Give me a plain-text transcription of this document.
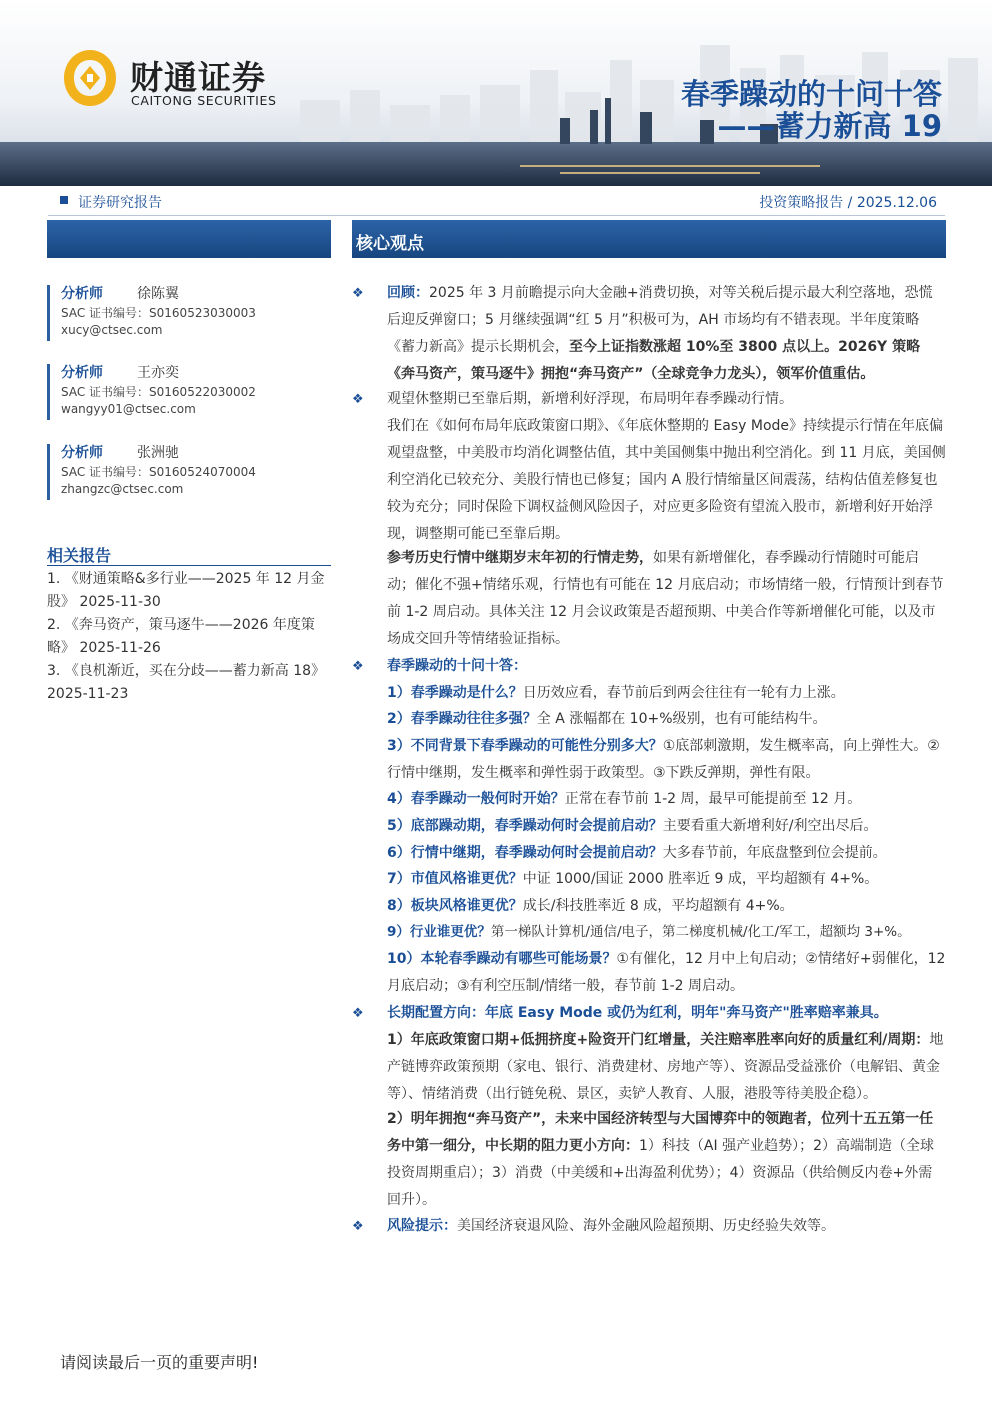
财通证券
CAITONG SECURITIES	春季躁动的十问十答
——蓄力新高 19
证券研究报告	投资策略报告 / 2025.12.06
分析师 徐陈翼
SAC 证书编号：S0160523030003
xucy@ctsec.com
分析师 王亦奕
SAC 证书编号：S0160522030002
wangyy01@ctsec.com
分析师 张洲驰
SAC 证书编号：S0160524070004
zhangzc@ctsec.com
相关报告
1. 《财通策略&多行业——2025 年 12 月金股》 2025-11-30
2. 《奔马资产，策马逐牛——2026 年度策略》 2025-11-26
3. 《良机渐近，买在分歧——蓄力新高 18》2025-11-23
核心观点
❖ 回顾：2025 年 3 月前瞻提示向大金融+消费切换，对等关税后提示最大利空落地，恐慌后迎反弹窗口；5 月继续强调“红 5 月”积极可为，AH 市场均有不错表现。半年度策略《蓄力新高》提示长期机会，至今上证指数涨超 10%至 3800 点以上。2026Y 策略《奔马资产，策马逐牛》拥抱“奔马资产”（全球竞争力龙头），领军价值重估。
❖ 观望休整期已至靠后期，新增利好浮现，布局明年春季躁动行情。
我们在《如何布局年底政策窗口期》、《年底休整期的 Easy Mode》持续提示行情在年底偏观望盘整，中美股市均消化调整估值，其中美国侧集中抛出利空消化。到 11 月底，美国侧利空消化已较充分、美股行情也已修复；国内 A 股行情缩量区间震荡，结构估值差修复也较为充分；同时保险下调权益侧风险因子，对应更多险资有望流入股市，新增利好开始浮现，调整期可能已至靠后期。
参考历史行情中继期岁末年初的行情走势，如果有新增催化，春季躁动行情随时可能启动；催化不强+情绪乐观，行情也有可能在 12 月底启动；市场情绪一般，行情预计到春节前 1-2 周启动。具体关注 12 月会议政策是否超预期、中美合作等新增催化可能，以及市场成交回升等情绪验证指标。
❖ 春季躁动的十问十答：
1）春季躁动是什么？日历效应看，春节前后到两会往往有一轮有力上涨。
2）春季躁动往往多强？全 A 涨幅都在 10+%级别，也有可能结构牛。
3）不同背景下春季躁动的可能性分别多大？①底部刺激期，发生概率高，向上弹性大。②行情中继期，发生概率和弹性弱于政策型。③下跌反弹期，弹性有限。
4）春季躁动一般何时开始？正常在春节前 1-2 周，最早可能提前至 12 月。
5）底部躁动期，春季躁动何时会提前启动？主要看重大新增利好/利空出尽后。
6）行情中继期，春季躁动何时会提前启动？大多春节前，年底盘整到位会提前。
7）市值风格谁更优？中证 1000/国证 2000 胜率近 9 成，平均超额有 4+%。
8）板块风格谁更优？成长/科技胜率近 8 成，平均超额有 4+%。
9）行业谁更优？第一梯队计算机/通信/电子，第二梯度机械/化工/军工，超额均 3+%。
10）本轮春季躁动有哪些可能场景？①有催化，12 月中上旬启动；②情绪好+弱催化，12 月底启动；③有利空压制/情绪一般，春节前 1-2 周启动。
❖ 长期配置方向：年底 Easy Mode 或仍为红利，明年"奔马资产"胜率赔率兼具。
1）年底政策窗口期+低拥挤度+险资开门红增量，关注赔率胜率向好的质量红利/周期：地产链博弈政策预期（家电、银行、消费建材、房地产等）、资源品受益涨价（电解铝、黄金等）、情绪消费（出行链免税、景区，卖铲人教育、人服，港股等待美股企稳）。
2）明年拥抱“奔马资产”，未来中国经济转型与大国博弈中的领跑者，位列十五五第一任务中第一细分，中长期的阻力更小方向：1）科技（AI 强产业趋势）；2）高端制造（全球投资周期重启）；3）消费（中美缓和+出海盈利优势）；4）资源品（供给侧反内卷+外需回升）。
❖ 风险提示：美国经济衰退风险、海外金融风险超预期、历史经验失效等。
请阅读最后一页的重要声明!
